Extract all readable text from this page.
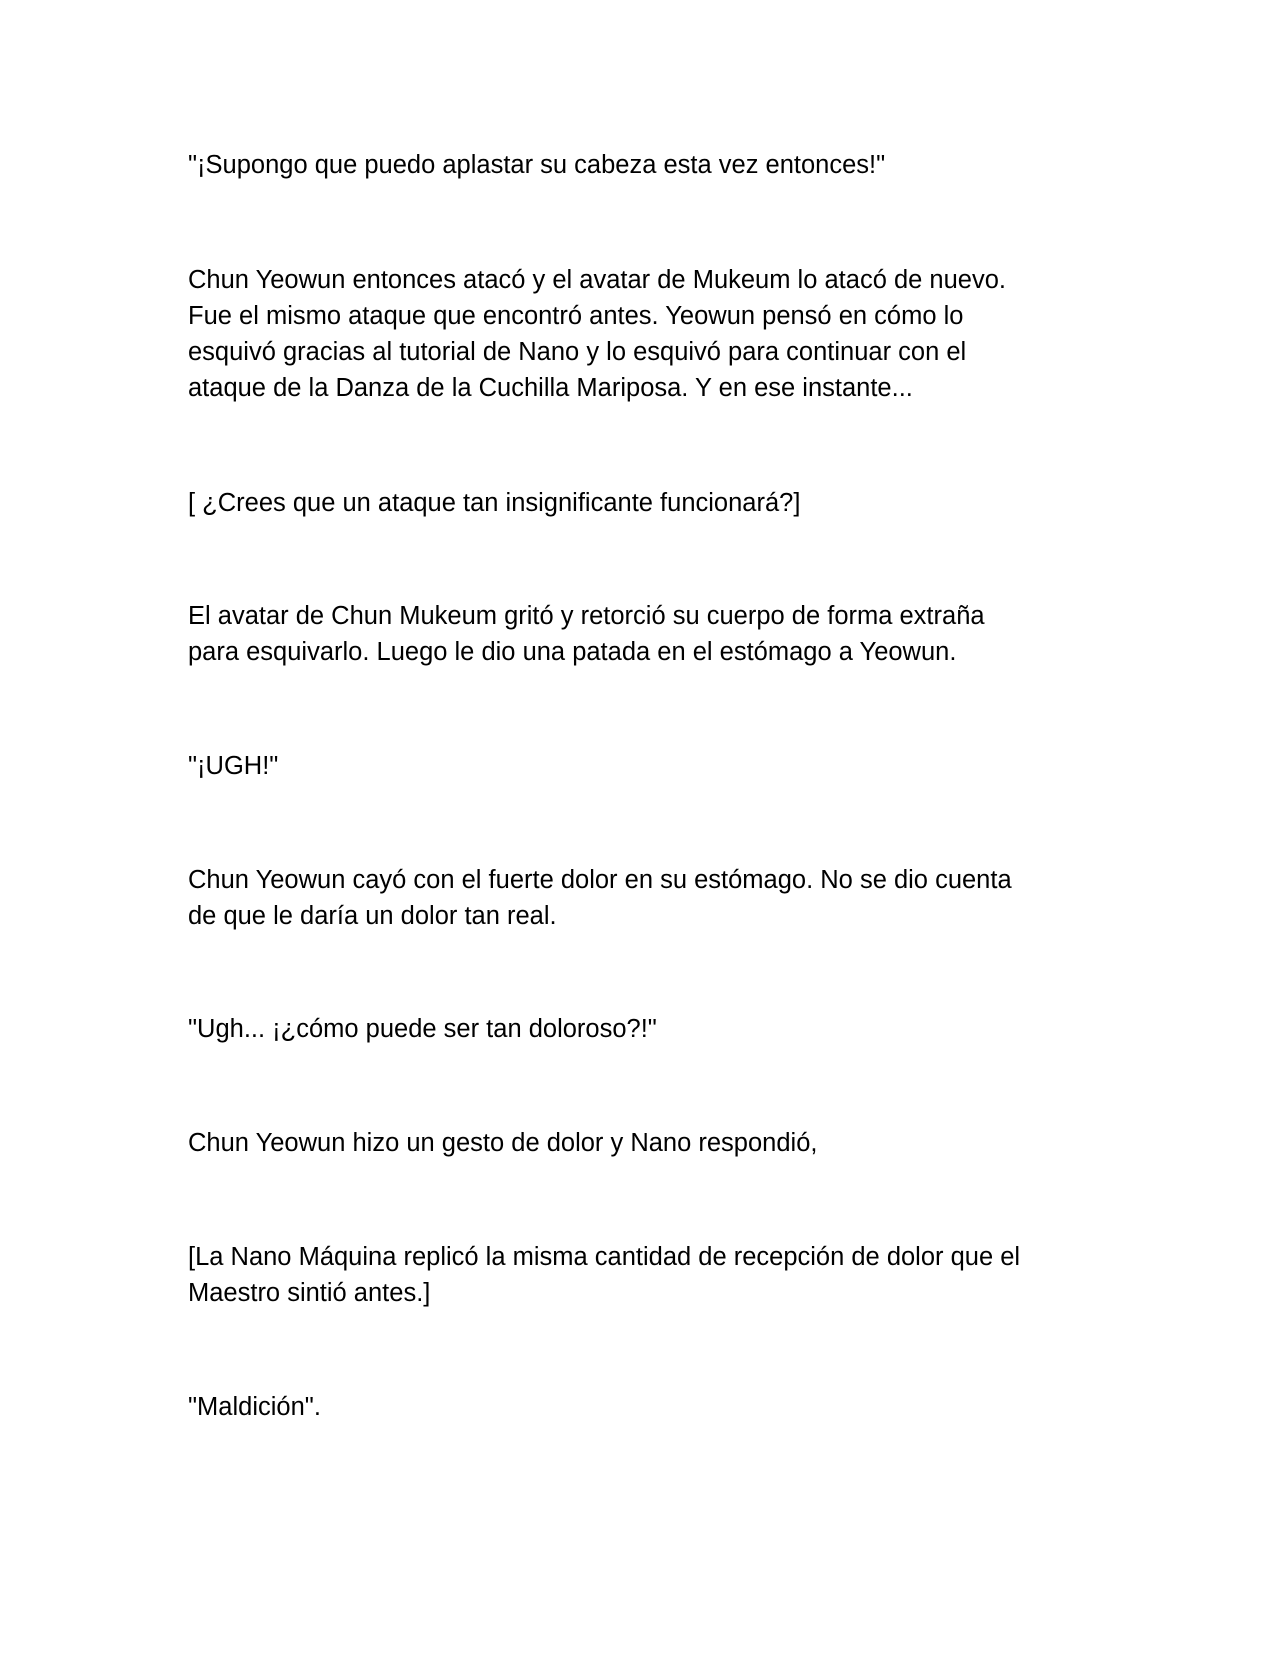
"¡Supongo que puedo aplastar su cabeza esta vez entonces!"

Chun Yeowun entonces atacó y el avatar de Mukeum lo atacó de nuevo.
Fue el mismo ataque que encontró antes. Yeowun pensó en cómo lo
esquivó gracias al tutorial de Nano y lo esquivó para continuar con el
ataque de la Danza de la Cuchilla Mariposa. Y en ese instante...

[ ¿Crees que un ataque tan insignificante funcionará?]

El avatar de Chun Mukeum gritó y retorció su cuerpo de forma extraña
para esquivarlo. Luego le dio una patada en el estómago a Yeowun.

"¡UGH!"

Chun Yeowun cayó con el fuerte dolor en su estómago. No se dio cuenta
de que le daría un dolor tan real.

"Ugh... ¡¿cómo puede ser tan doloroso?!"

Chun Yeowun hizo un gesto de dolor y Nano respondió,

[La Nano Máquina replicó la misma cantidad de recepción de dolor que el
Maestro sintió antes.]

"Maldición".
